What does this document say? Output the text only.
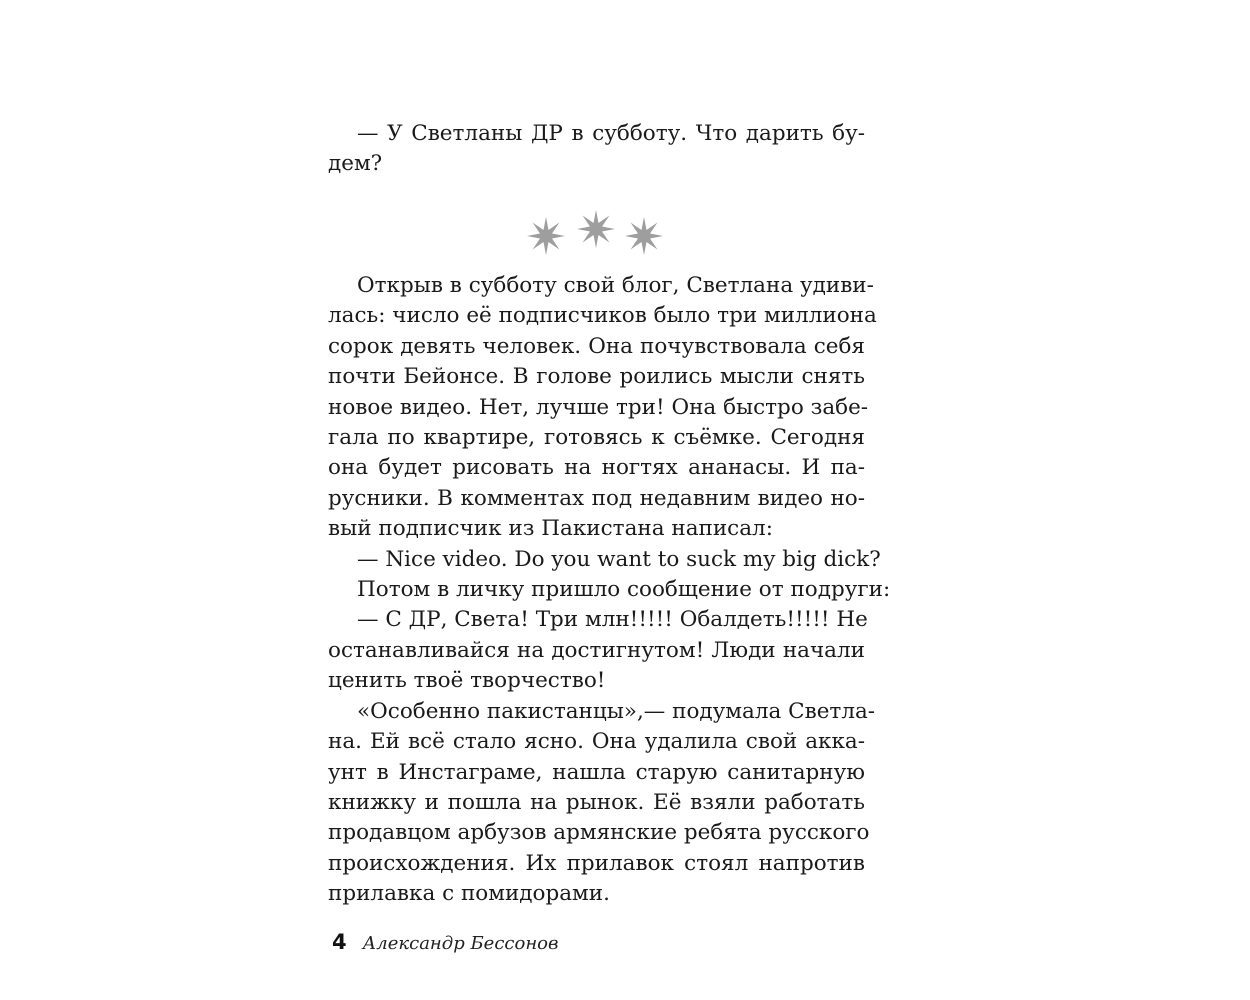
— У Светланы ДР в субботу. Что дарить бу-
дем?
Открыв в субботу свой блог, Светлана удиви-
лась: число её подписчиков было три миллиона
сорок девять человек. Она почувствовала себя
почти Бейонсе. В голове роились мысли снять
новое видео. Нет, лучше три! Она быстро забе-
гала по квартире, готовясь к съёмке. Сегодня
она будет рисовать на ногтях ананасы. И па-
русники. В комментах под недавним видео но-
вый подписчик из Пакистана написал:
— Nice video. Do you want to suck my big dick?
Потом в личку пришло сообщение от подруги:
— С ДР, Света! Три млн!!!!! Обалдеть!!!!! Не
останавливайся на достигнутом! Люди начали
ценить твоё творчество!
«Особенно пакистанцы»,— подумала Светла-
на. Ей всё стало ясно. Она удалила свой акка-
унт в Инстаграме, нашла старую санитарную
книжку и пошла на рынок. Её взяли работать
продавцом арбузов армянские ребята русского
происхождения. Их прилавок стоял напротив
прилавка с помидорами.
4 Александр Бессонов
